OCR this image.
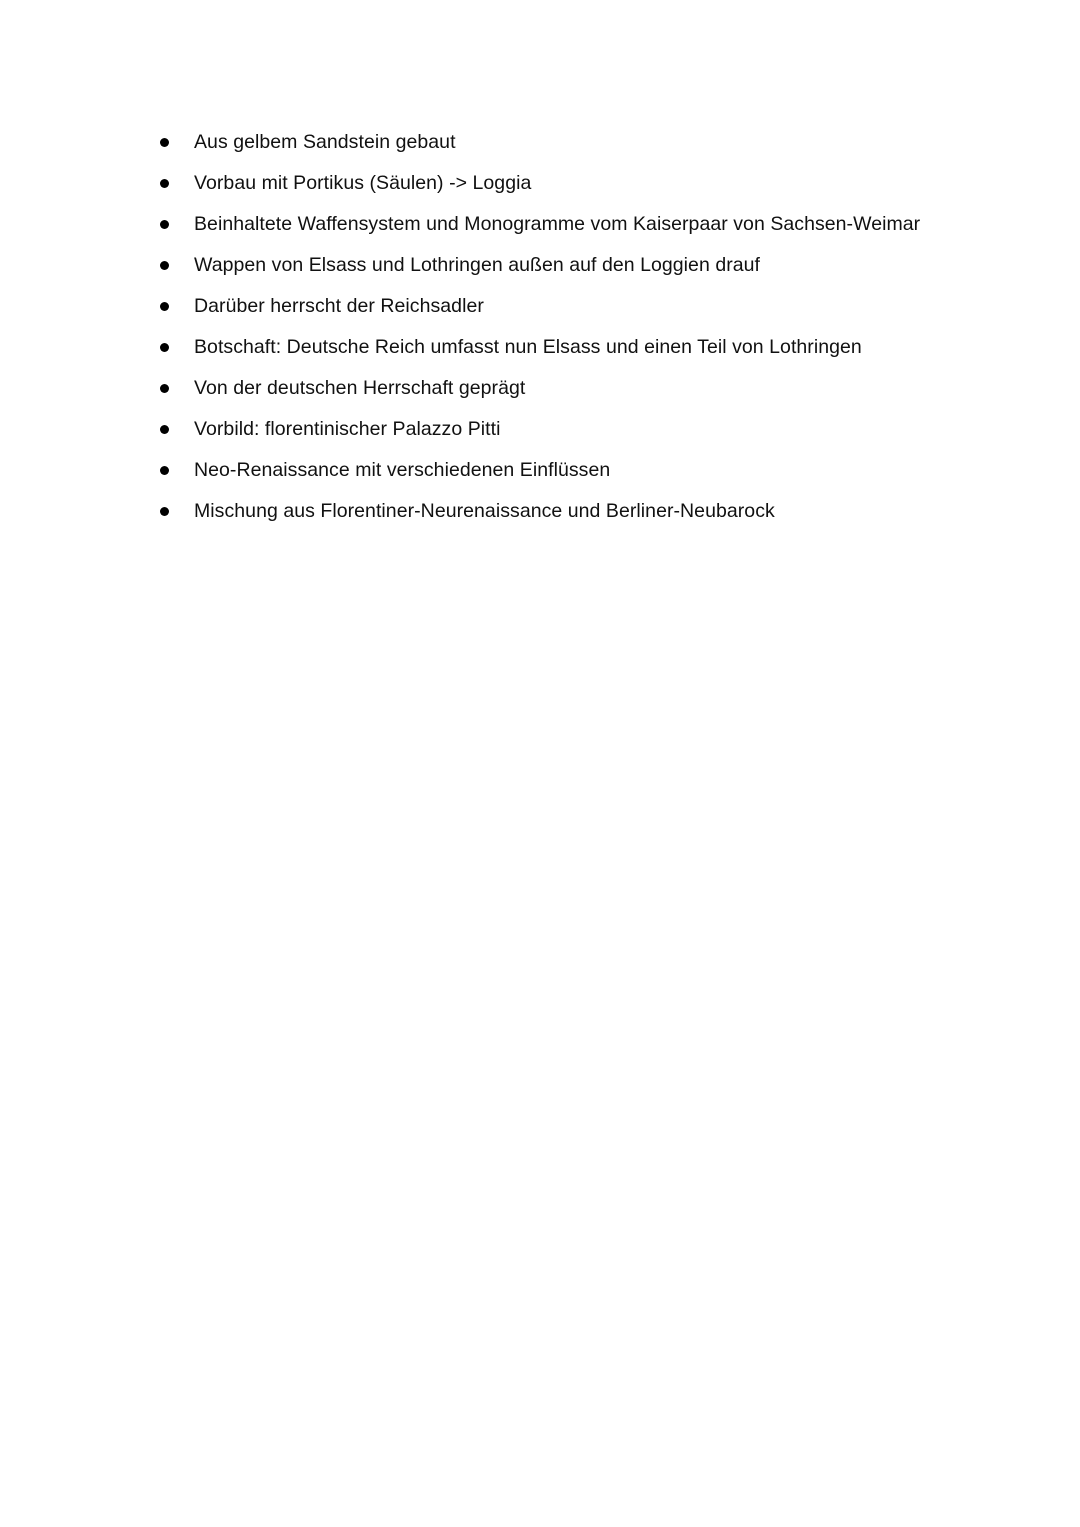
Aus gelbem Sandstein gebaut
Vorbau mit Portikus (Säulen) -> Loggia
Beinhaltete Waffensystem und Monogramme vom Kaiserpaar von Sachsen-Weimar
Wappen von Elsass und Lothringen außen auf den Loggien drauf
Darüber herrscht der Reichsadler
Botschaft: Deutsche Reich umfasst nun Elsass und einen Teil von Lothringen
Von der deutschen Herrschaft geprägt
Vorbild: florentinischer Palazzo Pitti
Neo-Renaissance mit verschiedenen Einflüssen
Mischung aus Florentiner-Neurenaissance und Berliner-Neubarock
